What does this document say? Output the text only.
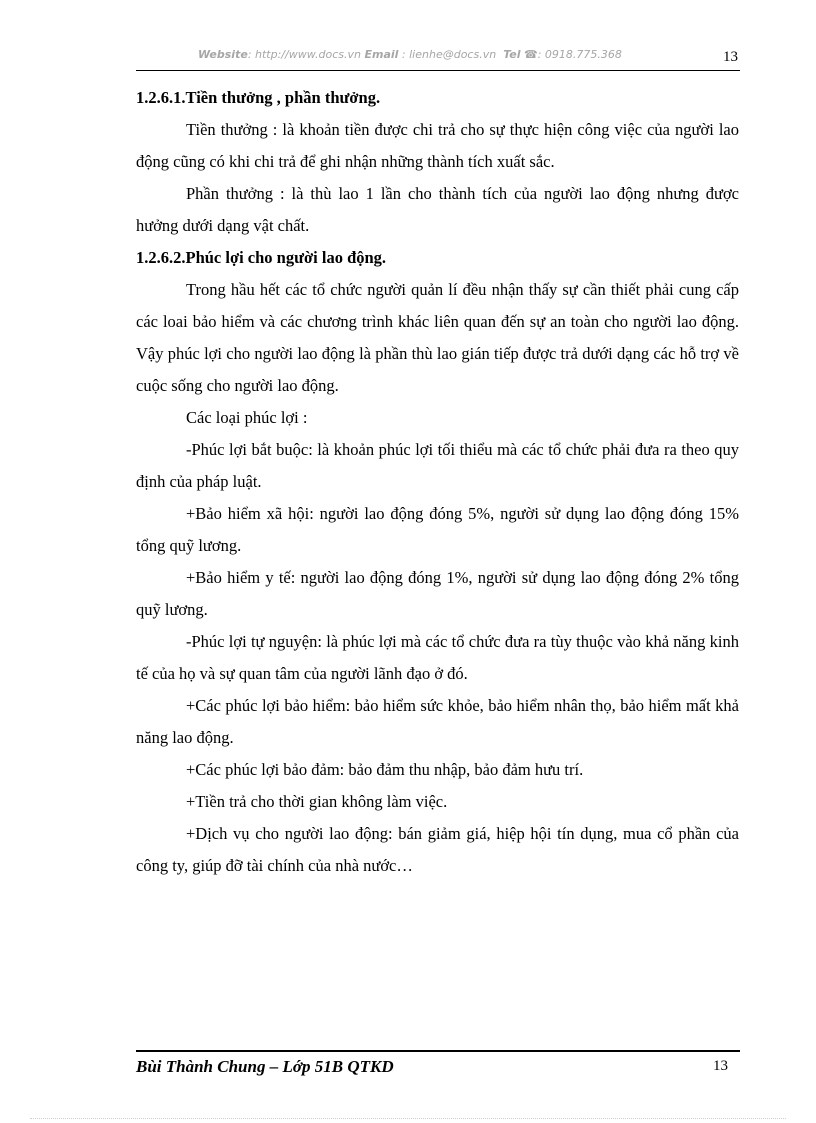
Website: http://www.docs.vn Email : lienhe@docs.vn Tel ☎: 0918.775.368	13

1.2.6.1.Tiền thưởng , phần thưởng.

Tiền thưởng : là khoản tiền được chi trả cho sự thực hiện công việc của người lao động cũng có khi chi trả để ghi nhận những thành tích xuất sắc.

Phần thưởng : là thù lao 1 lần cho thành tích của người lao động nhưng được hưởng dưới dạng vật chất.

1.2.6.2.Phúc lợi cho người lao động.

Trong hầu hết các tổ chức người quản lí đều nhận thấy sự cần thiết phải cung cấp các loai bảo hiểm và các chương trình khác liên quan đến sự an toàn cho người lao động. Vậy phúc lợi cho người lao động là phần thù lao gián tiếp được trả dưới dạng các hỗ trợ về cuộc sống cho người lao động.

Các loại phúc lợi :

-Phúc lợi bắt buộc: là khoản phúc lợi tối thiểu mà các tổ chức phải đưa ra theo quy định của pháp luật.

+Bảo hiểm xã hội: người lao động đóng 5%, người sử dụng lao động đóng 15% tổng quỹ lương.

+Bảo hiểm y tế: người lao động đóng 1%, người sử dụng lao động đóng 2% tổng quỹ lương.

-Phúc lợi tự nguyện: là phúc lợi mà các tổ chức đưa ra tùy thuộc vào khả năng kinh tế của họ và sự quan tâm của người lãnh đạo ở đó.

+Các phúc lợi bảo hiểm: bảo hiểm sức khỏe, bảo hiểm nhân thọ, bảo hiểm mất khả năng lao động.

+Các phúc lợi bảo đảm: bảo đảm thu nhập, bảo đảm hưu trí.

+Tiền trả cho thời gian không làm việc.

+Dịch vụ cho người lao động: bán giảm giá, hiệp hội tín dụng, mua cổ phần của công ty, giúp đỡ tài chính của nhà nước…

Bùi Thành Chung – Lớp 51B QTKD	13
